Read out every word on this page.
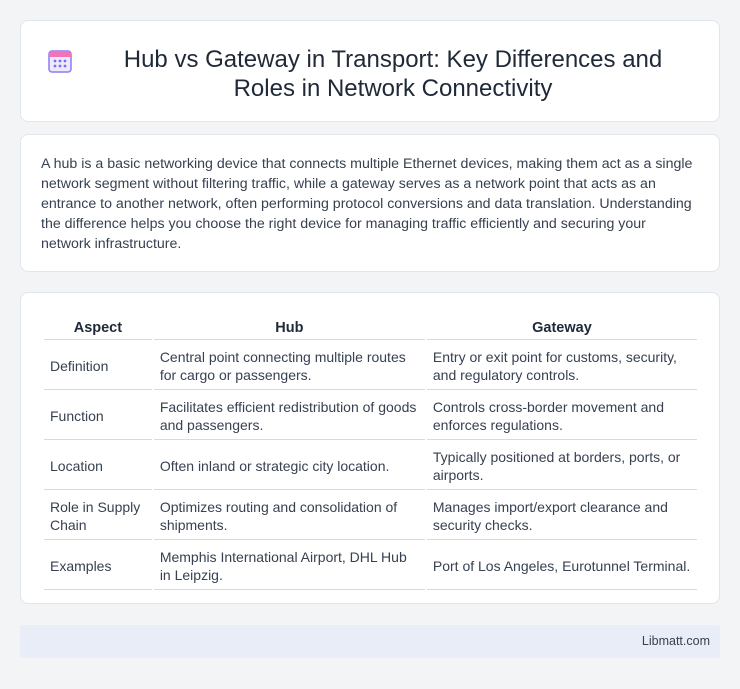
Hub vs Gateway in Transport: Key Differences and Roles in Network Connectivity

A hub is a basic networking device that connects multiple Ethernet devices, making them act as a single network segment without filtering traffic, while a gateway serves as a network point that acts as an entrance to another network, often performing protocol conversions and data translation. Understanding the difference helps you choose the right device for managing traffic efficiently and securing your network infrastructure.

Aspect	Hub	Gateway
Definition	Central point connecting multiple routes for cargo or passengers.	Entry or exit point for customs, security, and regulatory controls.
Function	Facilitates efficient redistribution of goods and passengers.	Controls cross-border movement and enforces regulations.
Location	Often inland or strategic city location.	Typically positioned at borders, ports, or airports.
Role in Supply Chain	Optimizes routing and consolidation of shipments.	Manages import/export clearance and security checks.
Examples	Memphis International Airport, DHL Hub in Leipzig.	Port of Los Angeles, Eurotunnel Terminal.
Libmatt.com
